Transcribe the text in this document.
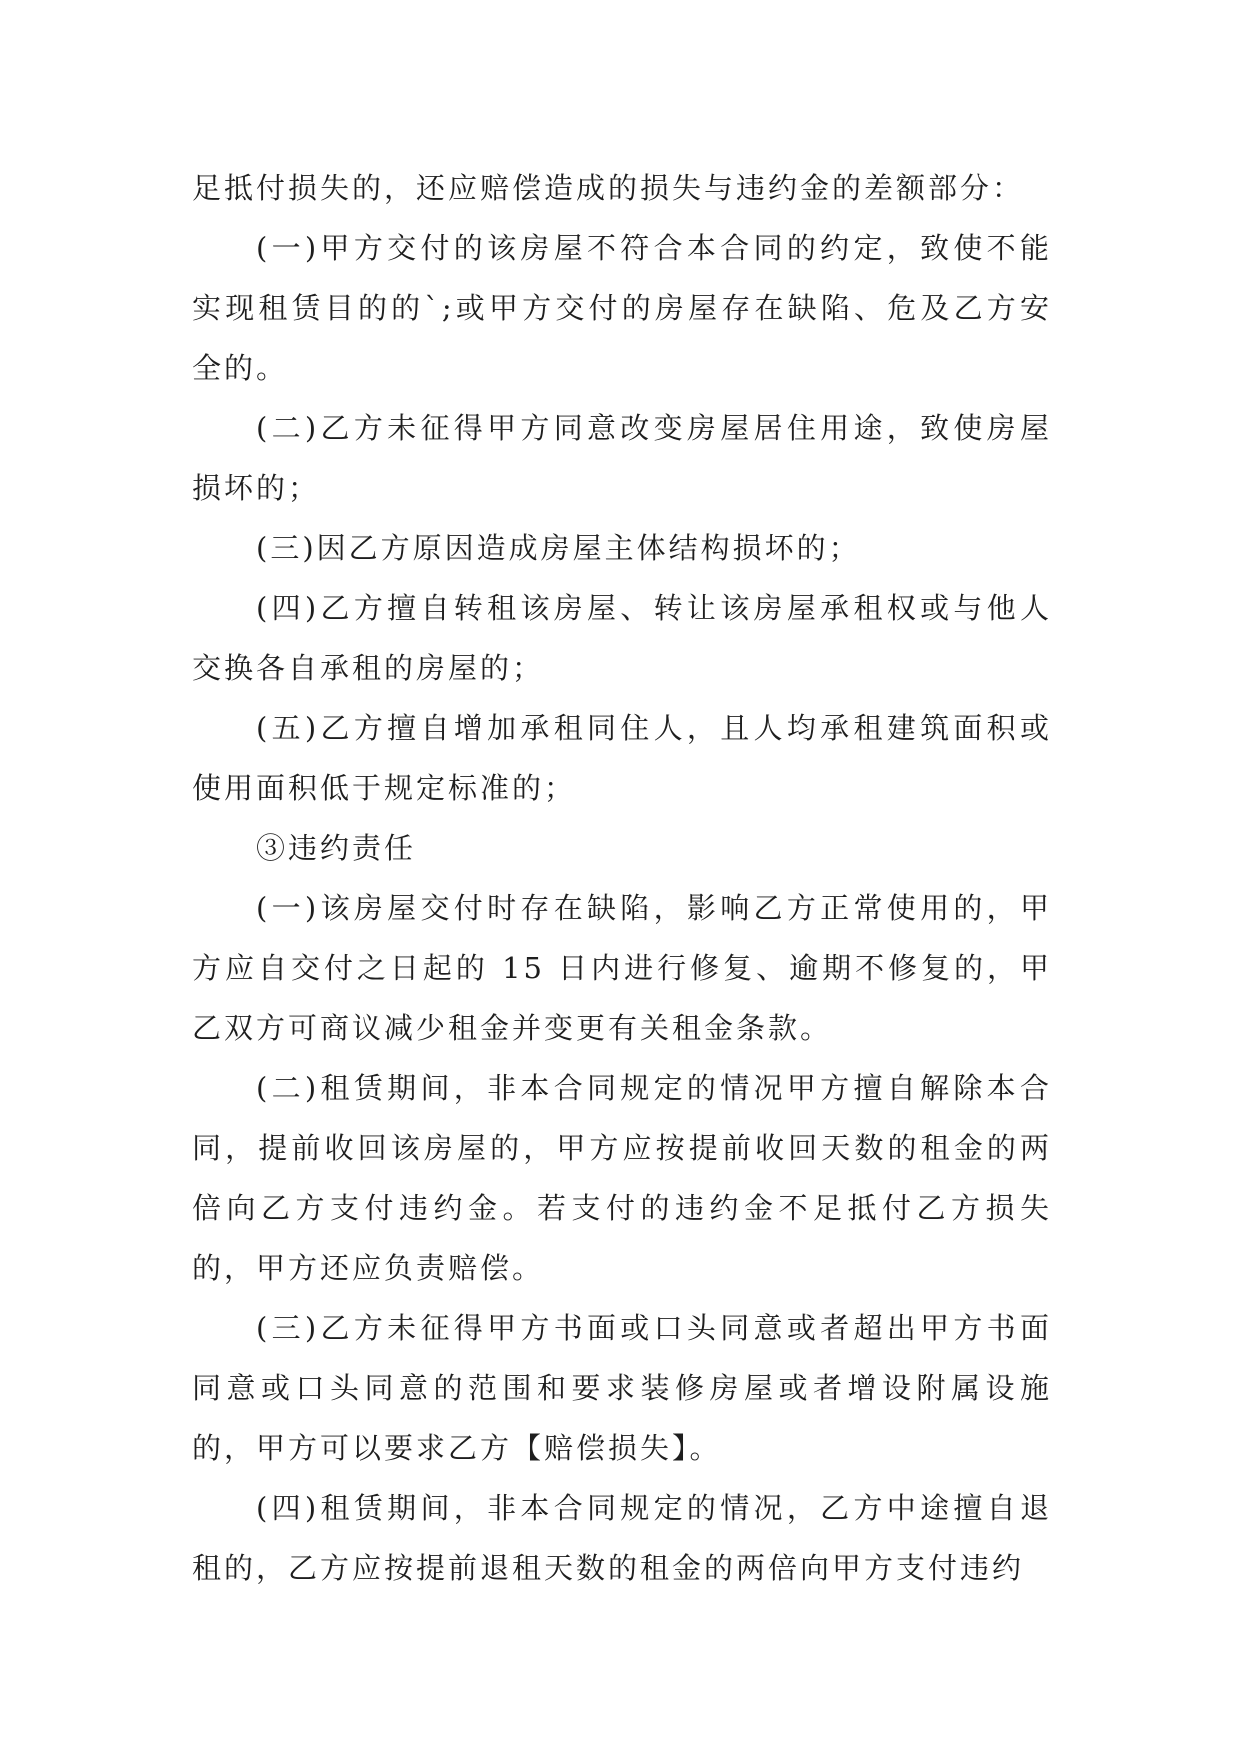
足抵付损失的，还应赔偿造成的损失与违约金的差额部分：

(一)甲方交付的该房屋不符合本合同的约定，致使不能实现租赁目的的`;或甲方交付的房屋存在缺陷、危及乙方安全的。

(二)乙方未征得甲方同意改变房屋居住用途，致使房屋损坏的；

(三)因乙方原因造成房屋主体结构损坏的；

(四)乙方擅自转租该房屋、转让该房屋承租权或与他人交换各自承租的房屋的；

(五)乙方擅自增加承租同住人，且人均承租建筑面积或使用面积低于规定标准的；

③违约责任

(一)该房屋交付时存在缺陷，影响乙方正常使用的，甲方应自交付之日起的 15 日内进行修复、逾期不修复的，甲乙双方可商议减少租金并变更有关租金条款。

(二)租赁期间，非本合同规定的情况甲方擅自解除本合同，提前收回该房屋的，甲方应按提前收回天数的租金的两倍向乙方支付违约金。若支付的违约金不足抵付乙方损失的，甲方还应负责赔偿。

(三)乙方未征得甲方书面或口头同意或者超出甲方书面同意或口头同意的范围和要求装修房屋或者增设附属设施的，甲方可以要求乙方【赔偿损失】。

(四)租赁期间，非本合同规定的情况，乙方中途擅自退租的，乙方应按提前退租天数的租金的两倍向甲方支付违约
